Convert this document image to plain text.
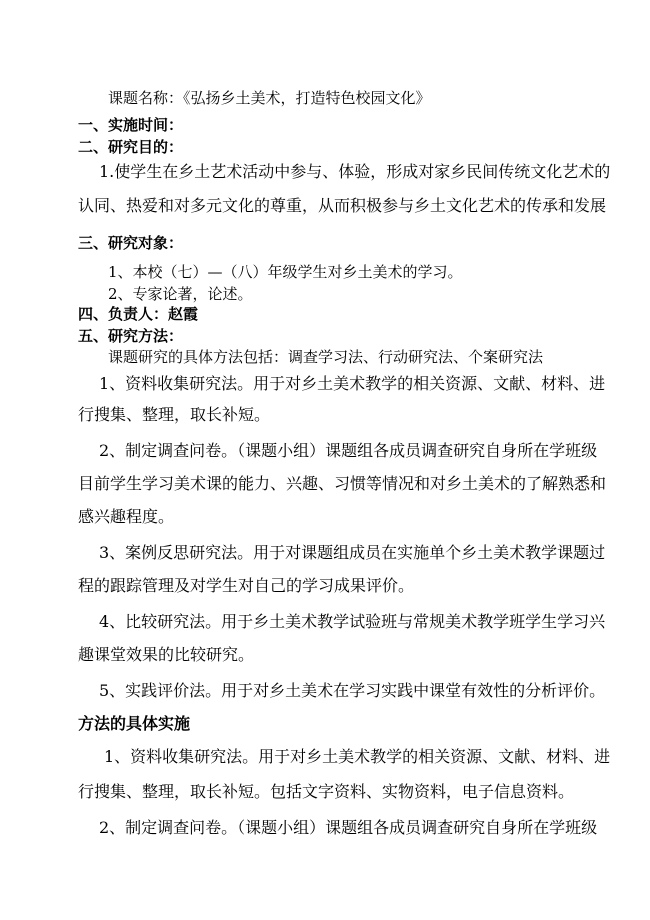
课题名称：《弘扬乡土美术，打造特色校园文化》
一、实施时间：
二、研究目的：
1.使学生在乡土艺术活动中参与、体验，形成对家乡民间传统文化艺术的
认同、热爱和对多元文化的尊重，从而积极参与乡土文化艺术的传承和发展
三、研究对象：
1、本校（七）—（八）年级学生对乡土美术的学习。
2、专家论著，论述。
四、负责人：赵霞
五、研究方法：
课题研究的具体方法包括：调查学习法、行动研究法、个案研究法
1、资料收集研究法。用于对乡土美术教学的相关资源、文献、材料、进
行搜集、整理，取长补短。
2、制定调查问卷。（课题小组）课题组各成员调查研究自身所在学班级
目前学生学习美术课的能力、兴趣、习惯等情况和对乡土美术的了解熟悉和
感兴趣程度。
3、案例反思研究法。用于对课题组成员在实施单个乡土美术教学课题过
程的跟踪管理及对学生对自己的学习成果评价。
4、比较研究法。用于乡土美术教学试验班与常规美术教学班学生学习兴
趣课堂效果的比较研究。
5、实践评价法。用于对乡土美术在学习实践中课堂有效性的分析评价。
方法的具体实施
1、资料收集研究法。用于对乡土美术教学的相关资源、文献、材料、进
行搜集、整理，取长补短。包括文字资料、实物资料，电子信息资料。
2、制定调查问卷。（课题小组）课题组各成员调查研究自身所在学班级
